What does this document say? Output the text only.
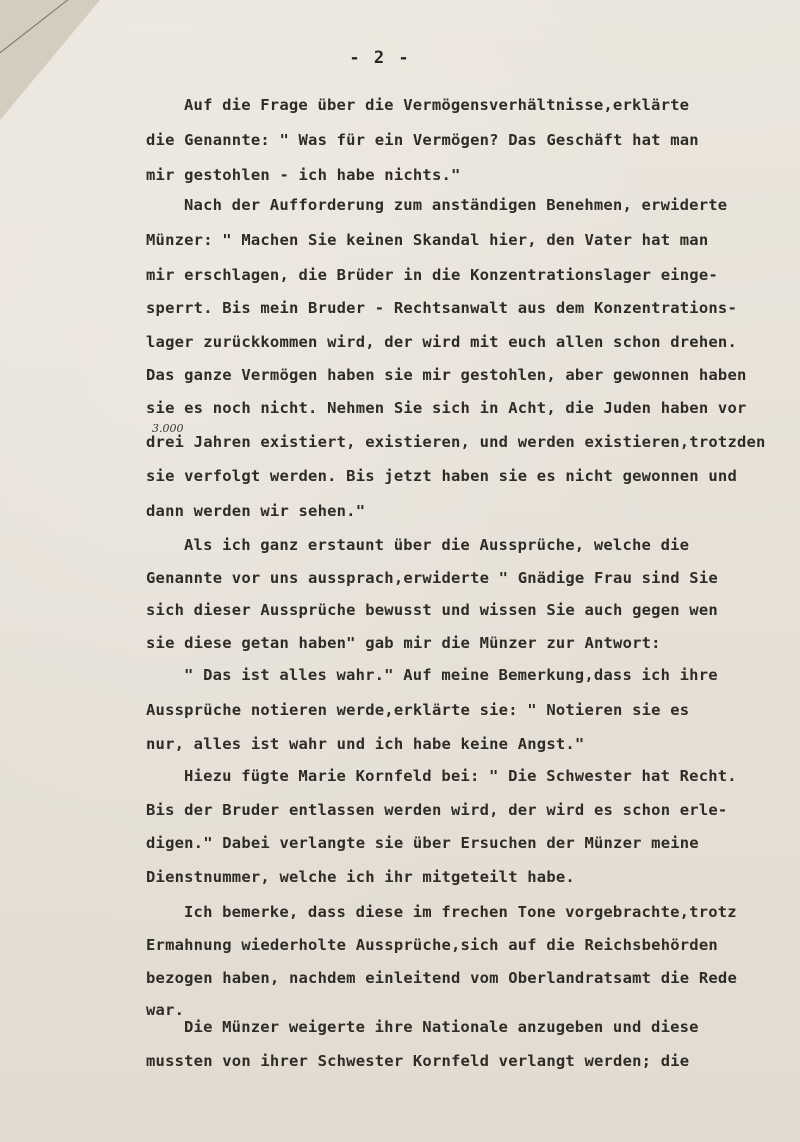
- 2 -
3.000
Auf die Frage über die Vermögensverhältnisse,erklärte
die Genannte: " Was für ein Vermögen? Das Geschäft hat man
mir gestohlen - ich habe nichts."
Nach der Aufforderung zum anständigen Benehmen, erwiderte
Münzer: " Machen Sie keinen Skandal hier, den Vater hat man
mir erschlagen, die Brüder in die Konzentrationslager einge-
sperrt. Bis mein Bruder - Rechtsanwalt aus dem Konzentrations-
lager zurückkommen wird, der wird mit euch allen schon drehen.
Das ganze Vermögen haben sie mir gestohlen, aber gewonnen haben
sie es noch nicht. Nehmen Sie sich in Acht, die Juden haben vor
drei Jahren existiert, existieren, und werden existieren,trotzden
sie verfolgt werden. Bis jetzt haben sie es nicht gewonnen und
dann werden wir sehen."
Als ich ganz erstaunt über die Aussprüche, welche die
Genannte vor uns aussprach,erwiderte " Gnädige Frau sind Sie
sich dieser Aussprüche bewusst und wissen Sie auch gegen wen
sie diese getan haben" gab mir die Münzer zur Antwort:
" Das ist alles wahr." Auf meine Bemerkung,dass ich ihre
Aussprüche notieren werde,erklärte sie: " Notieren sie es
nur, alles ist wahr und ich habe keine Angst."
Hiezu fügte Marie Kornfeld bei: " Die Schwester hat Recht.
Bis der Bruder entlassen werden wird, der wird es schon erle-
digen." Dabei verlangte sie über Ersuchen der Münzer meine
Dienstnummer, welche ich ihr mitgeteilt habe.
Ich bemerke, dass diese im frechen Tone vorgebrachte,trotz
Ermahnung wiederholte Aussprüche,sich auf die Reichsbehörden
bezogen haben, nachdem einleitend vom Oberlandratsamt die Rede
war.
Die Münzer weigerte ihre Nationale anzugeben und diese
mussten von ihrer Schwester Kornfeld verlangt werden; die
